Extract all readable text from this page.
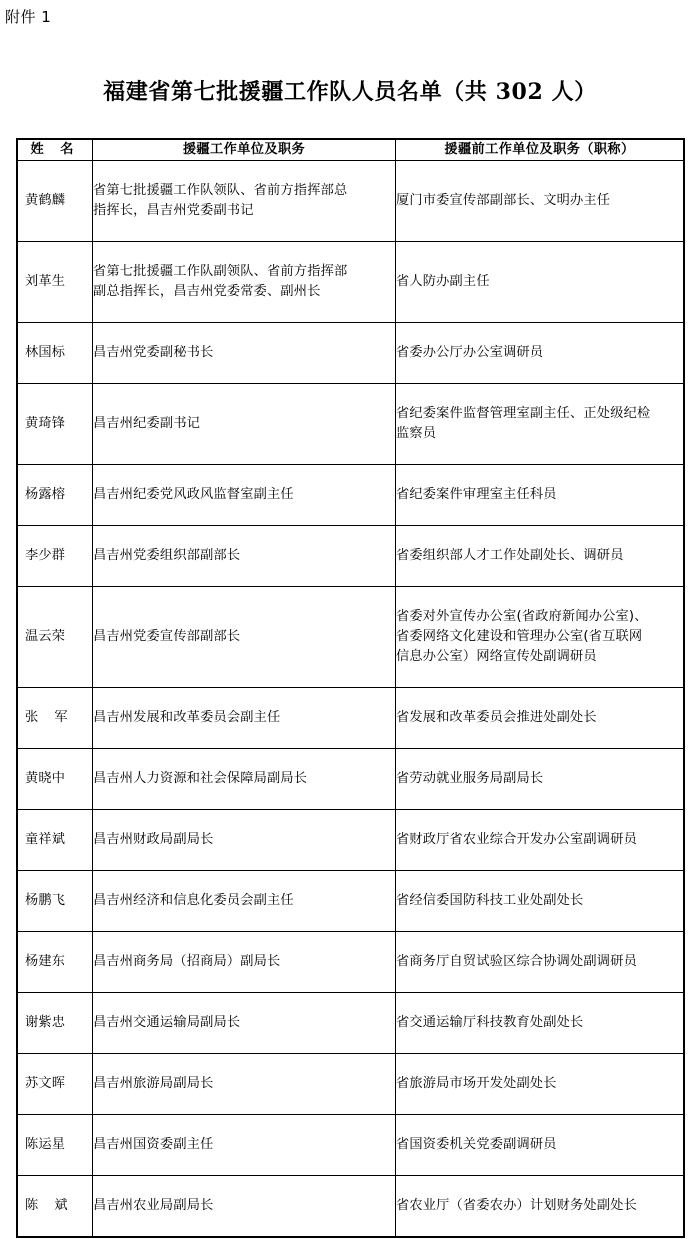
附件 1
福建省第七批援疆工作队人员名单（共 302 人）
姓 名	援疆工作单位及职务	援疆前工作单位及职务（职称）
黄鹤麟	省第七批援疆工作队领队、省前方指挥部总
指挥长，昌吉州党委副书记	厦门市委宣传部副部长、文明办主任

刘革生	省第七批援疆工作队副领队、省前方指挥部
副总指挥长，昌吉州党委常委、副州长	省人防办副主任

林国标	昌吉州党委副秘书长	省委办公厅办公室调研员

黄琦锋	昌吉州纪委副书记	省纪委案件监督管理室副主任、正处级纪检
监察员

杨露榕	昌吉州纪委党风政风监督室副主任	省纪委案件审理室主任科员

李少群	昌吉州党委组织部副部长	省委组织部人才工作处副处长、调研员

温云荣	昌吉州党委宣传部副部长	省委对外宣传办公室(省政府新闻办公室)、
省委网络文化建设和管理办公室(省互联网
信息办公室）网络宣传处副调研员

张 军	昌吉州发展和改革委员会副主任	省发展和改革委员会推进处副处长

黄晓中	昌吉州人力资源和社会保障局副局长	省劳动就业服务局副局长

童祥斌	昌吉州财政局副局长	省财政厅省农业综合开发办公室副调研员

杨鹏飞	昌吉州经济和信息化委员会副主任	省经信委国防科技工业处副处长

杨建东	昌吉州商务局（招商局）副局长	省商务厅自贸试验区综合协调处副调研员

谢紫忠	昌吉州交通运输局副局长	省交通运输厅科技教育处副处长

苏文晖	昌吉州旅游局副局长	省旅游局市场开发处副处长

陈运星	昌吉州国资委副主任	省国资委机关党委副调研员

陈 斌	昌吉州农业局副局长	省农业厅（省委农办）计划财务处副处长
